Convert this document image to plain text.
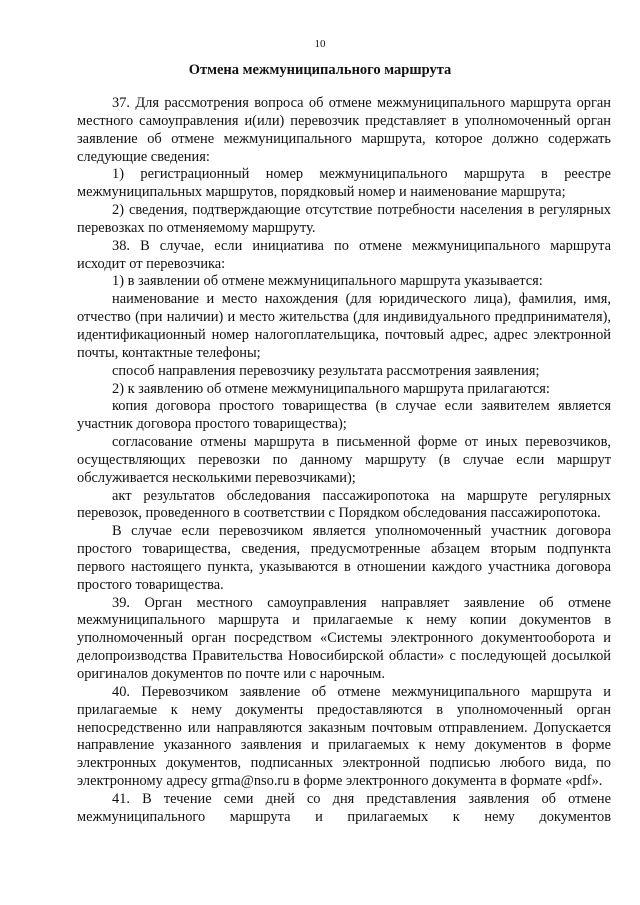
10
Отмена межмуниципального маршрута

37. Для рассмотрения вопроса об отмене межмуниципального маршрута орган местного самоуправления и(или) перевозчик представляет в уполномоченный орган заявление об отмене межмуниципального маршрута, которое должно содержать следующие сведения:

1) регистрационный номер межмуниципального маршрута в реестре межмуниципальных маршрутов, порядковый номер и наименование маршрута;

2) сведения, подтверждающие отсутствие потребности населения в регулярных перевозках по отменяемому маршруту.

38. В случае, если инициатива по отмене межмуниципального маршрута исходит от перевозчика:

1) в заявлении об отмене межмуниципального маршрута указывается:

наименование и место нахождения (для юридического лица), фамилия, имя, отчество (при наличии) и место жительства (для индивидуального предпринимателя), идентификационный номер налогоплательщика, почтовый адрес, адрес электронной почты, контактные телефоны;

способ направления перевозчику результата рассмотрения заявления;

2) к заявлению об отмене межмуниципального маршрута прилагаются:

копия договора простого товарищества (в случае если заявителем является участник договора простого товарищества);

согласование отмены маршрута в письменной форме от иных перевозчиков, осуществляющих перевозки по данному маршруту (в случае если маршрут обслуживается несколькими перевозчиками);

акт результатов обследования пассажиропотока на маршруте регулярных перевозок, проведенного в соответствии с Порядком обследования пассажиропотока.

В случае если перевозчиком является уполномоченный участник договора простого товарищества, сведения, предусмотренные абзацем вторым подпункта первого настоящего пункта, указываются в отношении каждого участника договора простого товарищества.

39. Орган местного самоуправления направляет заявление об отмене межмуниципального маршрута и прилагаемые к нему копии документов в уполномоченный орган посредством «Системы электронного документооборота и делопроизводства Правительства Новосибирской области» с последующей досылкой оригиналов документов по почте или с нарочным.

40. Перевозчиком заявление об отмене межмуниципального маршрута и прилагаемые к нему документы предоставляются в уполномоченный орган непосредственно или направляются заказным почтовым отправлением. Допускается направление указанного заявления и прилагаемых к нему документов в форме электронных документов, подписанных электронной подписью любого вида, по электронному адресу grma@nso.ru в форме электронного документа в формате «pdf».

41. В течение семи дней со дня представления заявления об отмене межмуниципального маршрута и прилагаемых к нему документов
